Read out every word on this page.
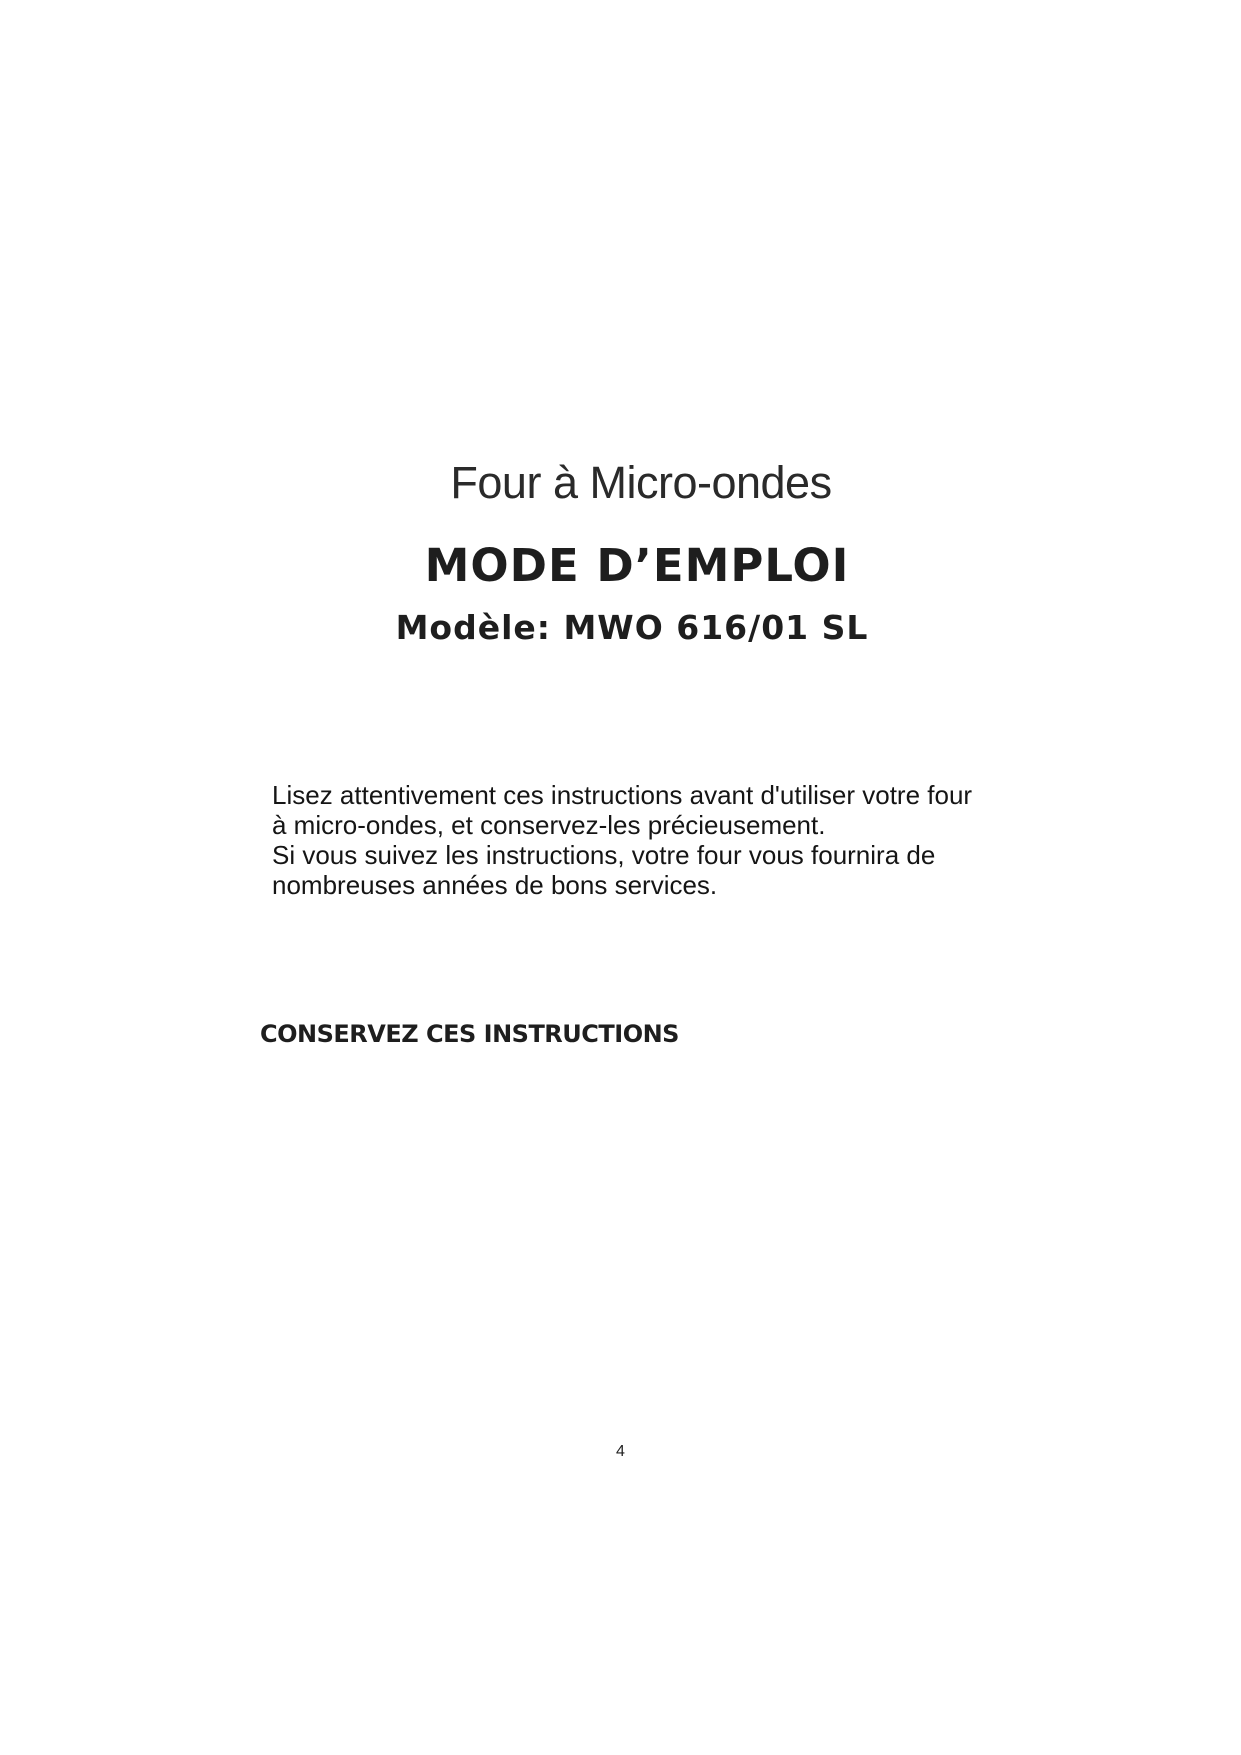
Four à Micro-ondes
MODE D’EMPLOI
Modèle: MWO 616/01 SL

Lisez attentivement ces instructions avant d'utiliser votre four

à micro-ondes, et conservez-les précieusement.

Si vous suivez les instructions, votre four vous fournira de

nombreuses années de bons services.

CONSERVEZ CES INSTRUCTIONS
4
